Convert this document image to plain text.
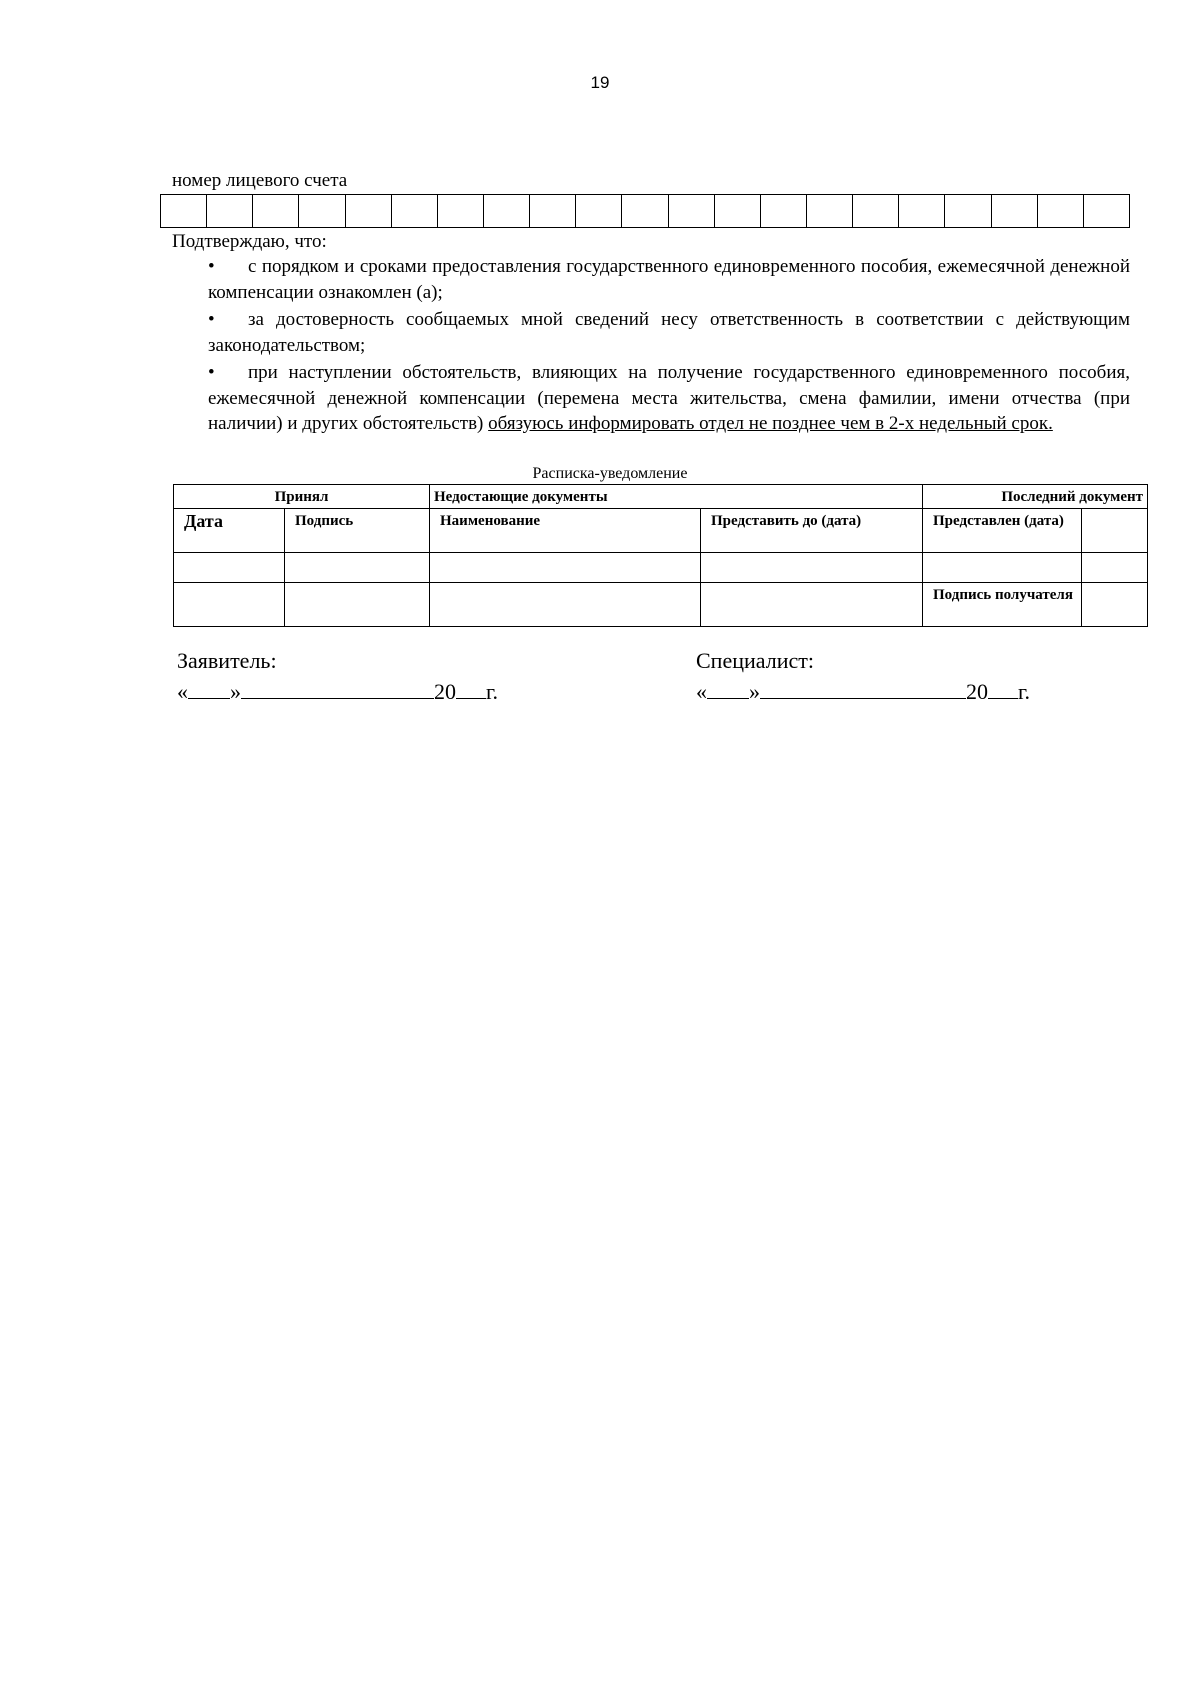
19
номер лицевого счета

Подтверждаю, что:
•	с порядком и сроками предоставления государственного единовременного пособия, ежемесячной денежной компенсации ознакомлен (а);
•	за достоверность сообщаемых мной сведений несу ответственность в соответствии с действующим законодательством;
•	при наступлении обстоятельств, влияющих на получение государственного единовременного пособия, ежемесячной денежной компенсации (перемена места жительства, смена фамилии, имени отчества (при наличии) и других обстоятельств) обязуюсь информировать отдел не позднее чем в 2-х недельный срок.
Расписка-уведомление
Принял		Недостающие документы		Последний документ	
Дата	Подпись	Наименование	Представить до (дата)	Представлен (дата)	

				Подпись получателя	
Заявитель:
« »	20 г.
Специалист:
« »	20 г.
